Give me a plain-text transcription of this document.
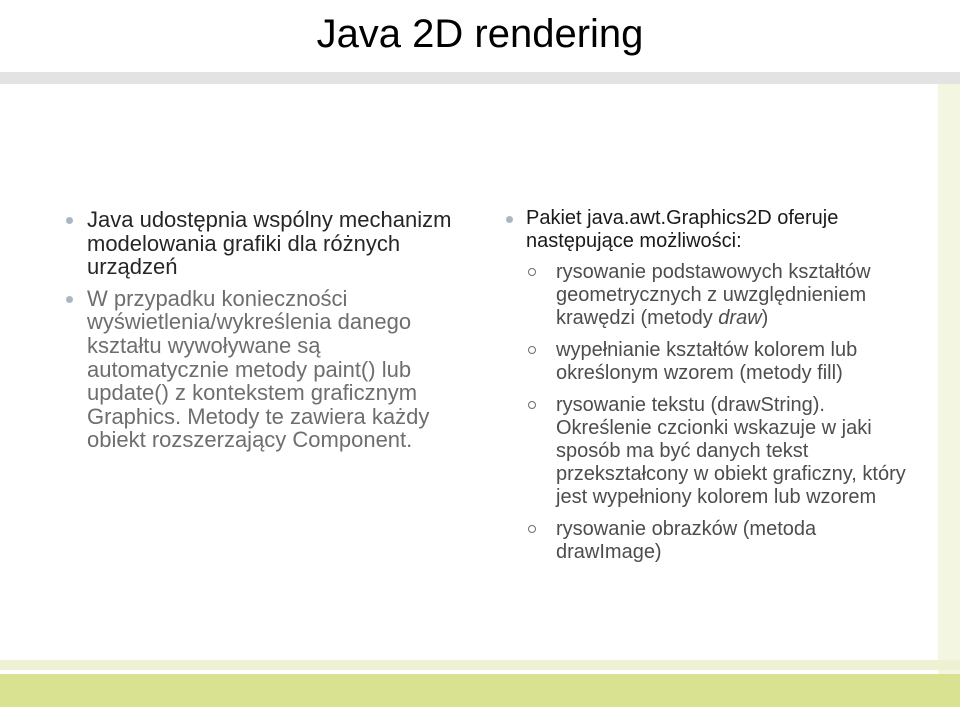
Java 2D rendering
Java udostępnia wspólny mechanizm modelowania grafiki dla różnych urządzeń
W przypadku konieczności wyświetlenia/wykreślenia danego kształtu wywoływane są automatycznie metody paint() lub update() z kontekstem graficznym Graphics. Metody te zawiera każdy obiekt rozszerzający Component.
Pakiet java.awt.Graphics2D oferuje następujące możliwości:
rysowanie podstawowych kształtów geometrycznych z uwzględnieniem krawędzi (metody draw)
wypełnianie kształtów kolorem lub określonym wzorem (metody fill)
rysowanie tekstu (drawString). Określenie czcionki wskazuje w jaki sposób ma być danych tekst przekształcony w obiekt graficzny, który jest wypełniony kolorem lub wzorem
rysowanie obrazków (metoda drawImage)
